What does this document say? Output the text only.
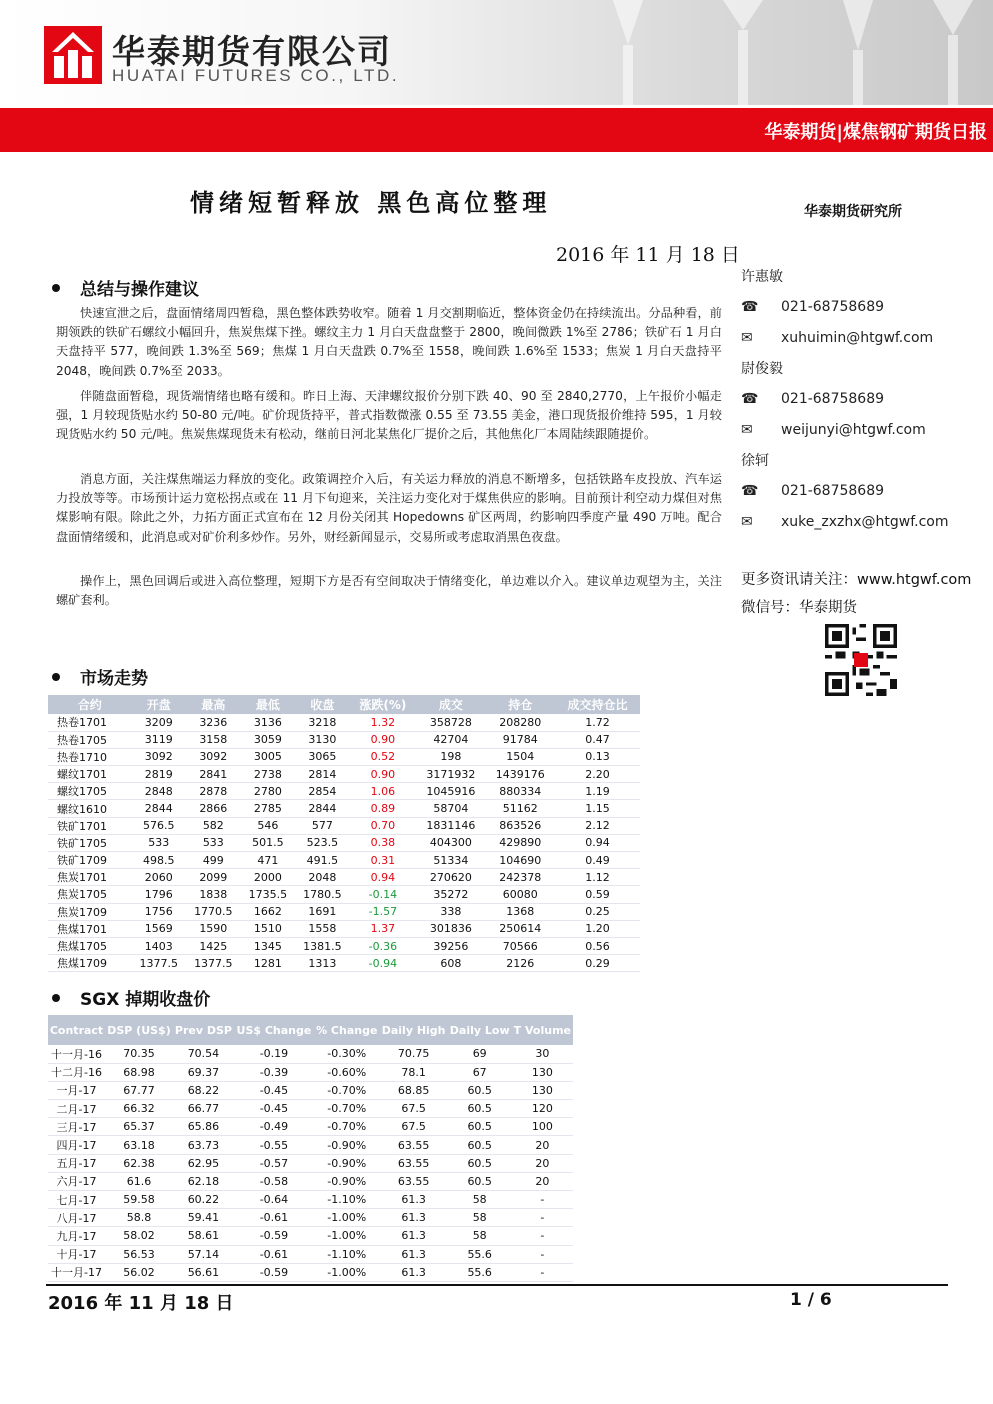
华泰期货有限公司
HUATAI FUTURES CO., LTD.
华泰期货|煤焦钢矿期货日报
情绪短暂释放 黑色高位整理	华泰期货研究所
2016 年 11 月 18 日
总结与操作建议

快速宣泄之后，盘面情绪周四暂稳，黑色整体跌势收窄。随着 1 月交割期临近，整体资金仍在持续流出。分品种看，前期领跌的铁矿石螺纹小幅回升，焦炭焦煤下挫。螺纹主力 1 月白天盘盘整于 2800，晚间微跌 1%至 2786；铁矿石 1 月白天盘持平 577，晚间跌 1.3%至 569；焦煤 1 月白天盘跌 0.7%至 1558，晚间跌 1.6%至 1533；焦炭 1 月白天盘持平 2048，晚间跌 0.7%至 2033。

伴随盘面暂稳，现货端情绪也略有缓和。昨日上海、天津螺纹报价分别下跌 40、90 至 2840,2770，上午报价小幅走强，1 月较现货贴水约 50-80 元/吨。矿价现货持平，普式指数微涨 0.55 至 73.55 美金，港口现货报价维持 595，1 月较现货贴水约 50 元/吨。焦炭焦煤现货未有松动，继前日河北某焦化厂提价之后，其他焦化厂本周陆续跟随提价。

消息方面，关注煤焦端运力释放的变化。政策调控介入后，有关运力释放的消息不断增多，包括铁路车皮投放、汽车运力投放等等。市场预计运力宽松拐点或在 11 月下旬迎来，关注运力变化对于煤焦供应的影响。目前预计利空动力煤但对焦煤影响有限。除此之外，力拓方面正式宣布在 12 月份关闭其 Hopedowns 矿区两周，约影响四季度产量 490 万吨。配合盘面情绪缓和，此消息或对矿价利多炒作。另外，财经新闻显示，交易所或考虑取消黑色夜盘。

操作上，黑色回调后或进入高位整理，短期下方是否有空间取决于情绪变化，单边难以介入。建议单边观望为主，关注螺矿套利。

许惠敏
☎	021-68758689
✉	xuhuimin@htgwf.com
尉俊毅
☎	021-68758689
✉	weijunyi@htgwf.com
徐轲
☎	021-68758689
✉	xuke_zxzhx@htgwf.com
更多资讯请关注：www.htgwf.com
微信号：华泰期货
市场走势
合约	开盘	最高	最低	收盘	涨跌(%)	成交	持仓	成交持仓比
热卷1701	3209	3236	3136	3218	1.32	358728	208280	1.72
热卷1705	3119	3158	3059	3130	0.90	42704	91784	0.47
热卷1710	3092	3092	3005	3065	0.52	198	1504	0.13
螺纹1701	2819	2841	2738	2814	0.90	3171932	1439176	2.20
螺纹1705	2848	2878	2780	2854	1.06	1045916	880334	1.19
螺纹1610	2844	2866	2785	2844	0.89	58704	51162	1.15
铁矿1701	576.5	582	546	577	0.70	1831146	863526	2.12
铁矿1705	533	533	501.5	523.5	0.38	404300	429890	0.94
铁矿1709	498.5	499	471	491.5	0.31	51334	104690	0.49
焦炭1701	2060	2099	2000	2048	0.94	270620	242378	1.12
焦炭1705	1796	1838	1735.5	1780.5	-0.14	35272	60080	0.59
焦炭1709	1756	1770.5	1662	1691	-1.57	338	1368	0.25
焦煤1701	1569	1590	1510	1558	1.37	301836	250614	1.20
焦煤1705	1403	1425	1345	1381.5	-0.36	39256	70566	0.56
焦煤1709	1377.5	1377.5	1281	1313	-0.94	608	2126	0.29
SGX 掉期收盘价
Contract	DSP (US$)	Prev DSP	US$ Change	% Change	Daily High	Daily Low	T Volume
十一月-16	70.35	70.54	-0.19	-0.30%	70.75	69	30
十二月-16	68.98	69.37	-0.39	-0.60%	78.1	67	130
一月-17	67.77	68.22	-0.45	-0.70%	68.85	60.5	130
二月-17	66.32	66.77	-0.45	-0.70%	67.5	60.5	120
三月-17	65.37	65.86	-0.49	-0.70%	67.5	60.5	100
四月-17	63.18	63.73	-0.55	-0.90%	63.55	60.5	20
五月-17	62.38	62.95	-0.57	-0.90%	63.55	60.5	20
六月-17	61.6	62.18	-0.58	-0.90%	63.55	60.5	20
七月-17	59.58	60.22	-0.64	-1.10%	61.3	58	-
八月-17	58.8	59.41	-0.61	-1.00%	61.3	58	-
九月-17	58.02	58.61	-0.59	-1.00%	61.3	58	-
十月-17	56.53	57.14	-0.61	-1.10%	61.3	55.6	-
十一月-17	56.02	56.61	-0.59	-1.00%	61.3	55.6	-
2016 年 11 月 18 日	1 / 6
